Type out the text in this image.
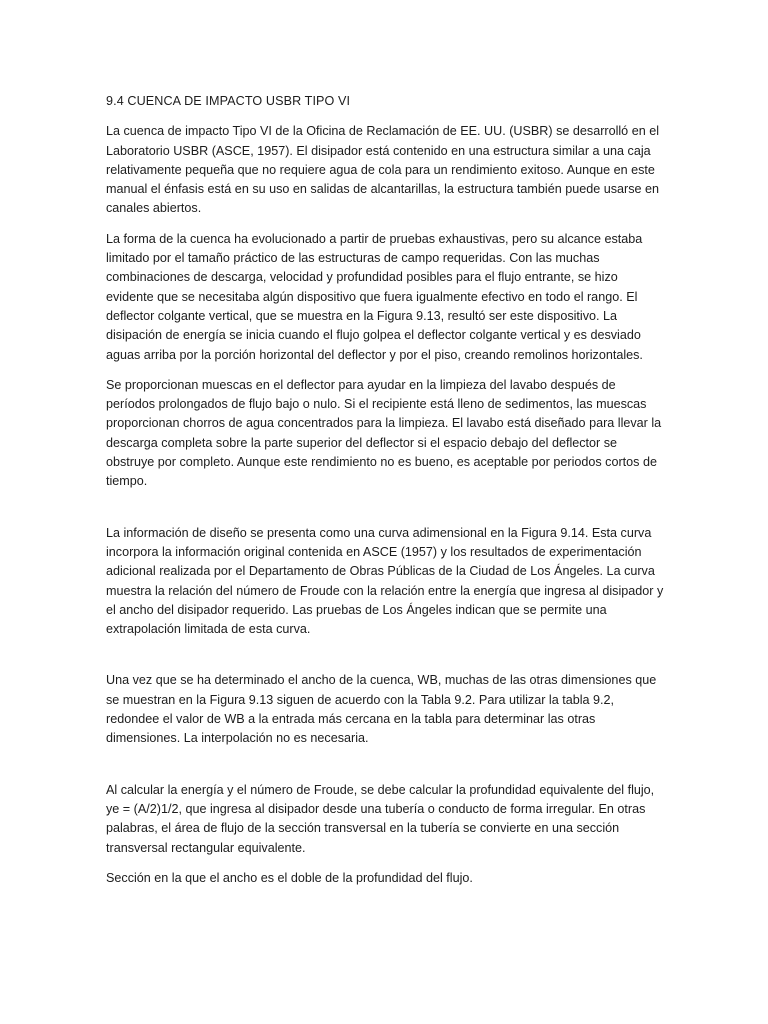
9.4 CUENCA DE IMPACTO USBR TIPO VI

La cuenca de impacto Tipo VI de la Oficina de Reclamación de EE. UU. (USBR) se desarrolló en el Laboratorio USBR (ASCE, 1957). El disipador está contenido en una estructura similar a una caja relativamente pequeña que no requiere agua de cola para un rendimiento exitoso. Aunque en este manual el énfasis está en su uso en salidas de alcantarillas, la estructura también puede usarse en canales abiertos.

La forma de la cuenca ha evolucionado a partir de pruebas exhaustivas, pero su alcance estaba limitado por el tamaño práctico de las estructuras de campo requeridas. Con las muchas combinaciones de descarga, velocidad y profundidad posibles para el flujo entrante, se hizo evidente que se necesitaba algún dispositivo que fuera igualmente efectivo en todo el rango. El deflector colgante vertical, que se muestra en la Figura 9.13, resultó ser este dispositivo. La disipación de energía se inicia cuando el flujo golpea el deflector colgante vertical y es desviado aguas arriba por la porción horizontal del deflector y por el piso, creando remolinos horizontales.

Se proporcionan muescas en el deflector para ayudar en la limpieza del lavabo después de períodos prolongados de flujo bajo o nulo. Si el recipiente está lleno de sedimentos, las muescas proporcionan chorros de agua concentrados para la limpieza. El lavabo está diseñado para llevar la descarga completa sobre la parte superior del deflector si el espacio debajo del deflector se obstruye por completo. Aunque este rendimiento no es bueno, es aceptable por periodos cortos de tiempo.

La información de diseño se presenta como una curva adimensional en la Figura 9.14. Esta curva incorpora la información original contenida en ASCE (1957) y los resultados de experimentación adicional realizada por el Departamento de Obras Públicas de la Ciudad de Los Ángeles. La curva muestra la relación del número de Froude con la relación entre la energía que ingresa al disipador y el ancho del disipador requerido. Las pruebas de Los Ángeles indican que se permite una extrapolación limitada de esta curva.

Una vez que se ha determinado el ancho de la cuenca, WB, muchas de las otras dimensiones que se muestran en la Figura 9.13 siguen de acuerdo con la Tabla 9.2. Para utilizar la tabla 9.2, redondee el valor de WB a la entrada más cercana en la tabla para determinar las otras dimensiones. La interpolación no es necesaria.

Al calcular la energía y el número de Froude, se debe calcular la profundidad equivalente del flujo, ye = (A/2)1/2, que ingresa al disipador desde una tubería o conducto de forma irregular. En otras palabras, el área de flujo de la sección transversal en la tubería se convierte en una sección transversal rectangular equivalente.

Sección en la que el ancho es el doble de la profundidad del flujo.
